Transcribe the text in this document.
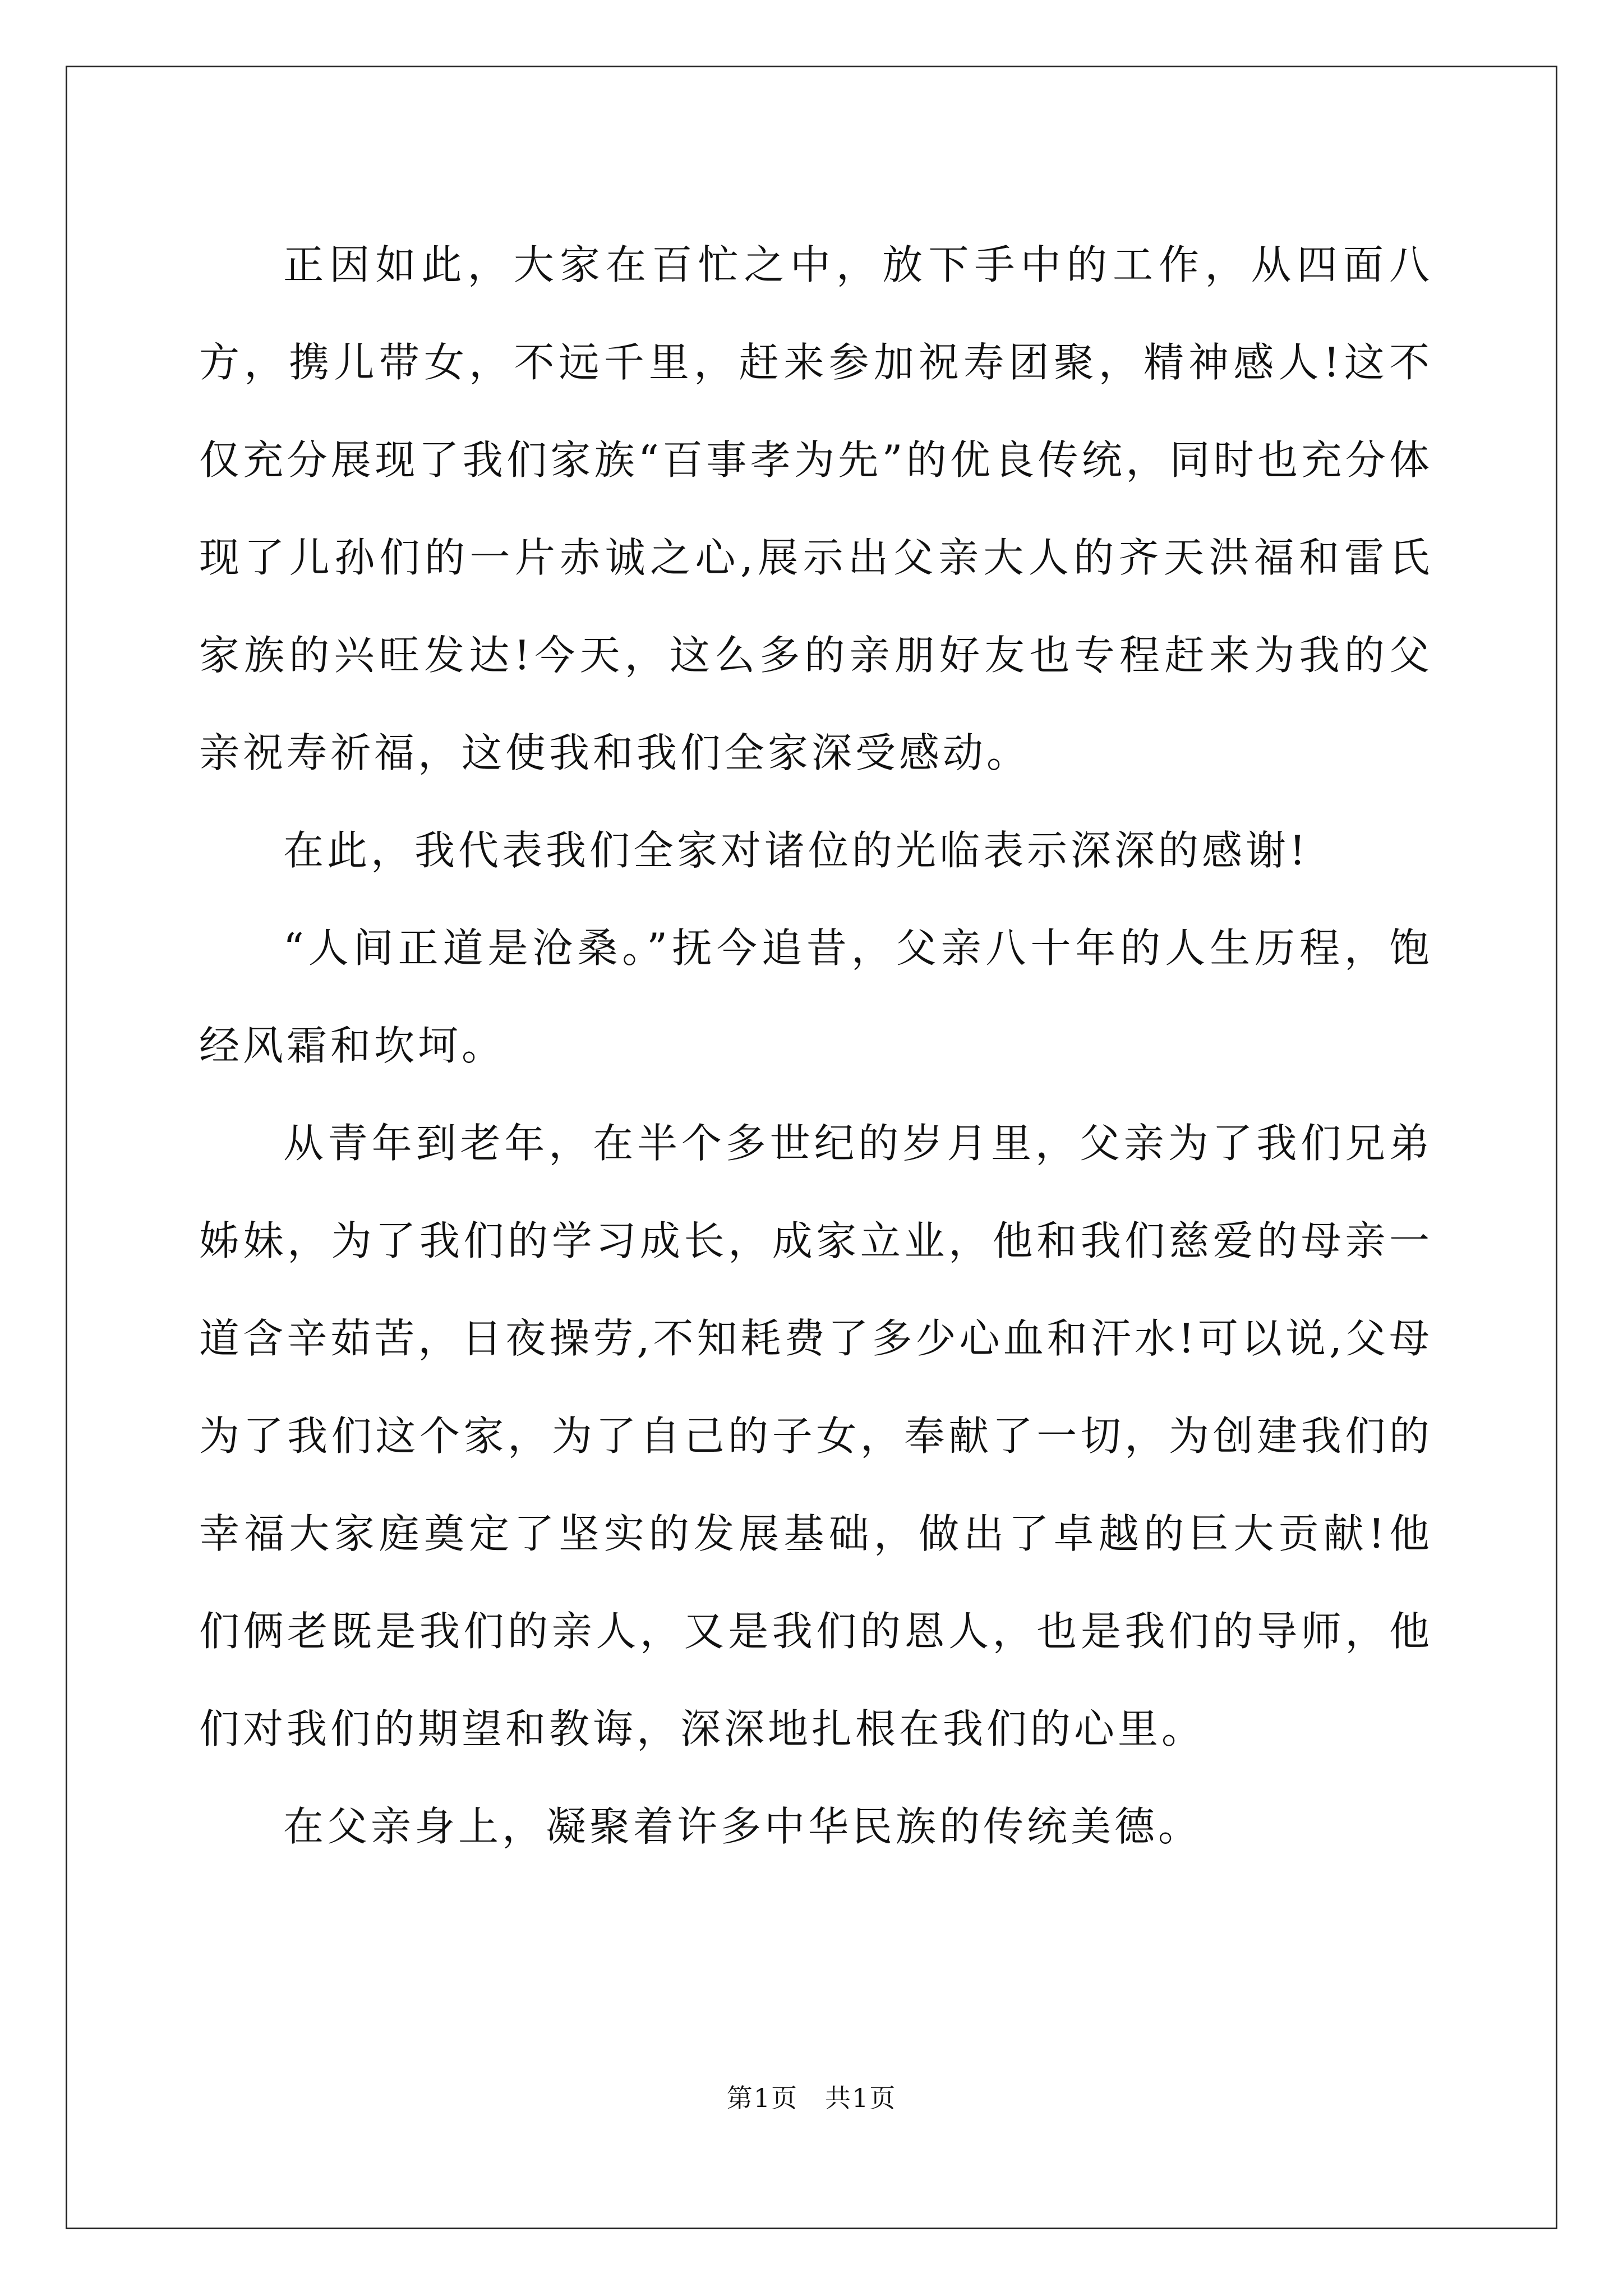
正因如此，大家在百忙之中，放下手中的工作，从四面八方，携儿带女，不远千里，赶来参加祝寿团聚，精神感人!这不仅充分展现了我们家族“百事孝为先”的优良传统，同时也充分体现了儿孙们的一片赤诚之心,展示出父亲大人的齐天洪福和雷氏家族的兴旺发达!今天，这么多的亲朋好友也专程赶来为我的父亲祝寿祈福，这使我和我们全家深受感动。

在此，我代表我们全家对诸位的光临表示深深的感谢!

“人间正道是沧桑。”抚今追昔，父亲八十年的人生历程，饱经风霜和坎坷。

从青年到老年，在半个多世纪的岁月里，父亲为了我们兄弟姊妹，为了我们的学习成长，成家立业，他和我们慈爱的母亲一道含辛茹苦，日夜操劳,不知耗费了多少心血和汗水!可以说,父母为了我们这个家，为了自己的子女，奉献了一切，为创建我们的幸福大家庭奠定了坚实的发展基础，做出了卓越的巨大贡献!他们俩老既是我们的亲人，又是我们的恩人，也是我们的导师，他们对我们的期望和教诲，深深地扎根在我们的心里。

在父亲身上，凝聚着许多中华民族的传统美德。

第1页　共1页
